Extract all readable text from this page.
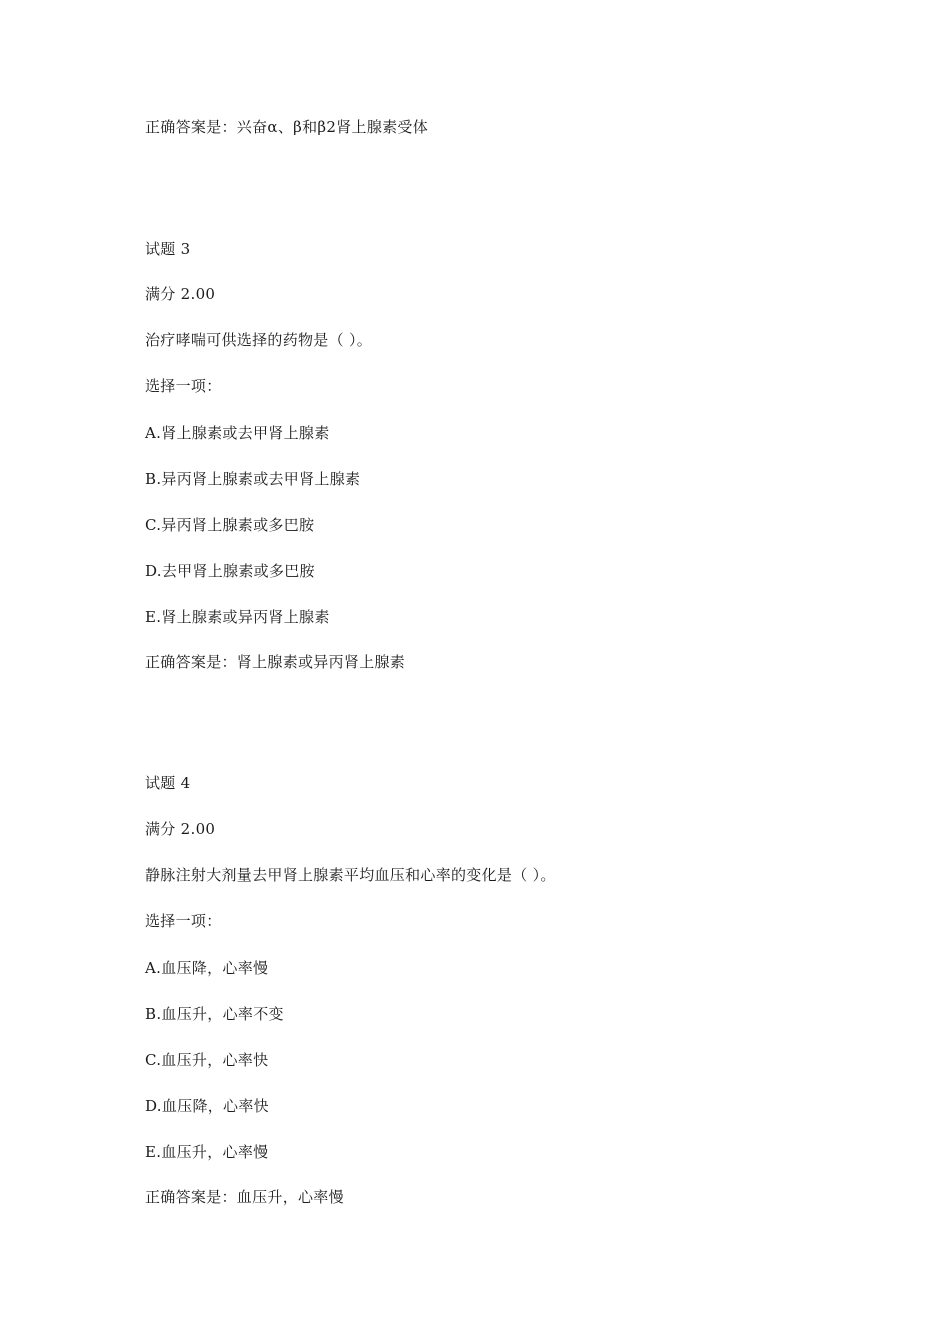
正确答案是：兴奋α、β和β2肾上腺素受体
试题 3
满分 2.00
治疗哮喘可供选择的药物是（ ）。
选择一项：
A.肾上腺素或去甲肾上腺素
B.异丙肾上腺素或去甲肾上腺素
C.异丙肾上腺素或多巴胺
D.去甲肾上腺素或多巴胺
E.肾上腺素或异丙肾上腺素
正确答案是：肾上腺素或异丙肾上腺素
试题 4
满分 2.00
静脉注射大剂量去甲肾上腺素平均血压和心率的变化是（ ）。
选择一项：
A.血压降，心率慢
B.血压升，心率不变
C.血压升，心率快
D.血压降，心率快
E.血压升，心率慢
正确答案是：血压升，心率慢
